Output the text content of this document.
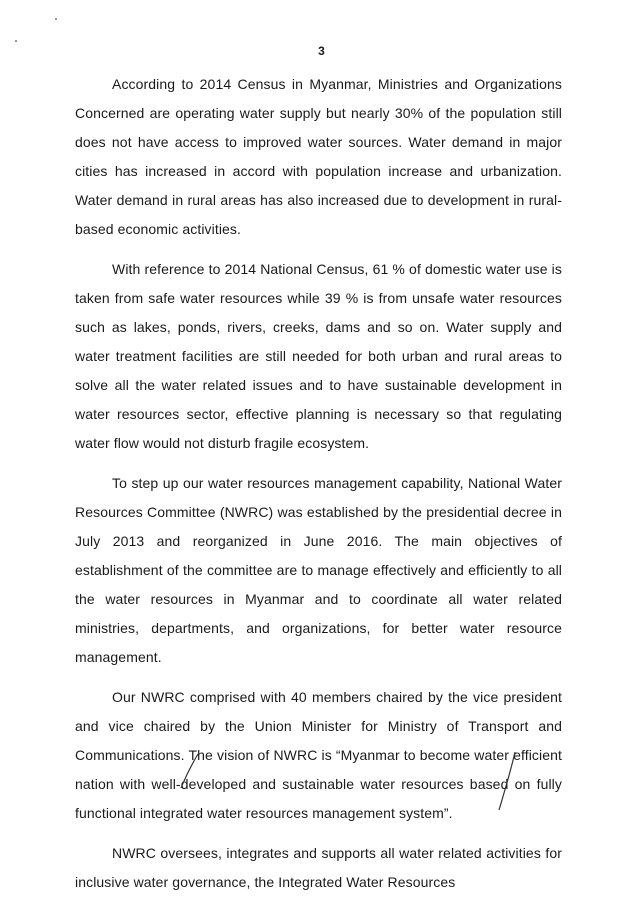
3

According to 2014 Census in Myanmar, Ministries and Organizations Concerned are operating water supply but nearly 30% of the population still does not have access to improved water sources. Water demand in major cities has increased in accord with population increase and urbanization. Water demand in rural areas has also increased due to development in rural-based economic activities.

With reference to 2014 National Census, 61 % of domestic water use is taken from safe water resources while 39 % is from unsafe water resources such as lakes, ponds, rivers, creeks, dams and so on. Water supply and water treatment facilities are still needed for both urban and rural areas to solve all the water related issues and to have sustainable development in water resources sector, effective planning is necessary so that regulating water flow would not disturb fragile ecosystem.

To step up our water resources management capability, National Water Resources Committee (NWRC) was established by the presidential decree in July 2013 and reorganized in June 2016. The main objectives of establishment of the committee are to manage effectively and efficiently to all the water resources in Myanmar and to coordinate all water related ministries, departments, and organizations, for better water resource management.

Our NWRC comprised with 40 members chaired by the vice president and vice chaired by the Union Minister for Ministry of Transport and Communications. The vision of NWRC is “Myanmar to become water efficient nation with well-developed and sustainable water resources based on fully functional integrated water resources management system”.

NWRC oversees, integrates and supports all water related activities for inclusive water governance, the Integrated Water Resources
